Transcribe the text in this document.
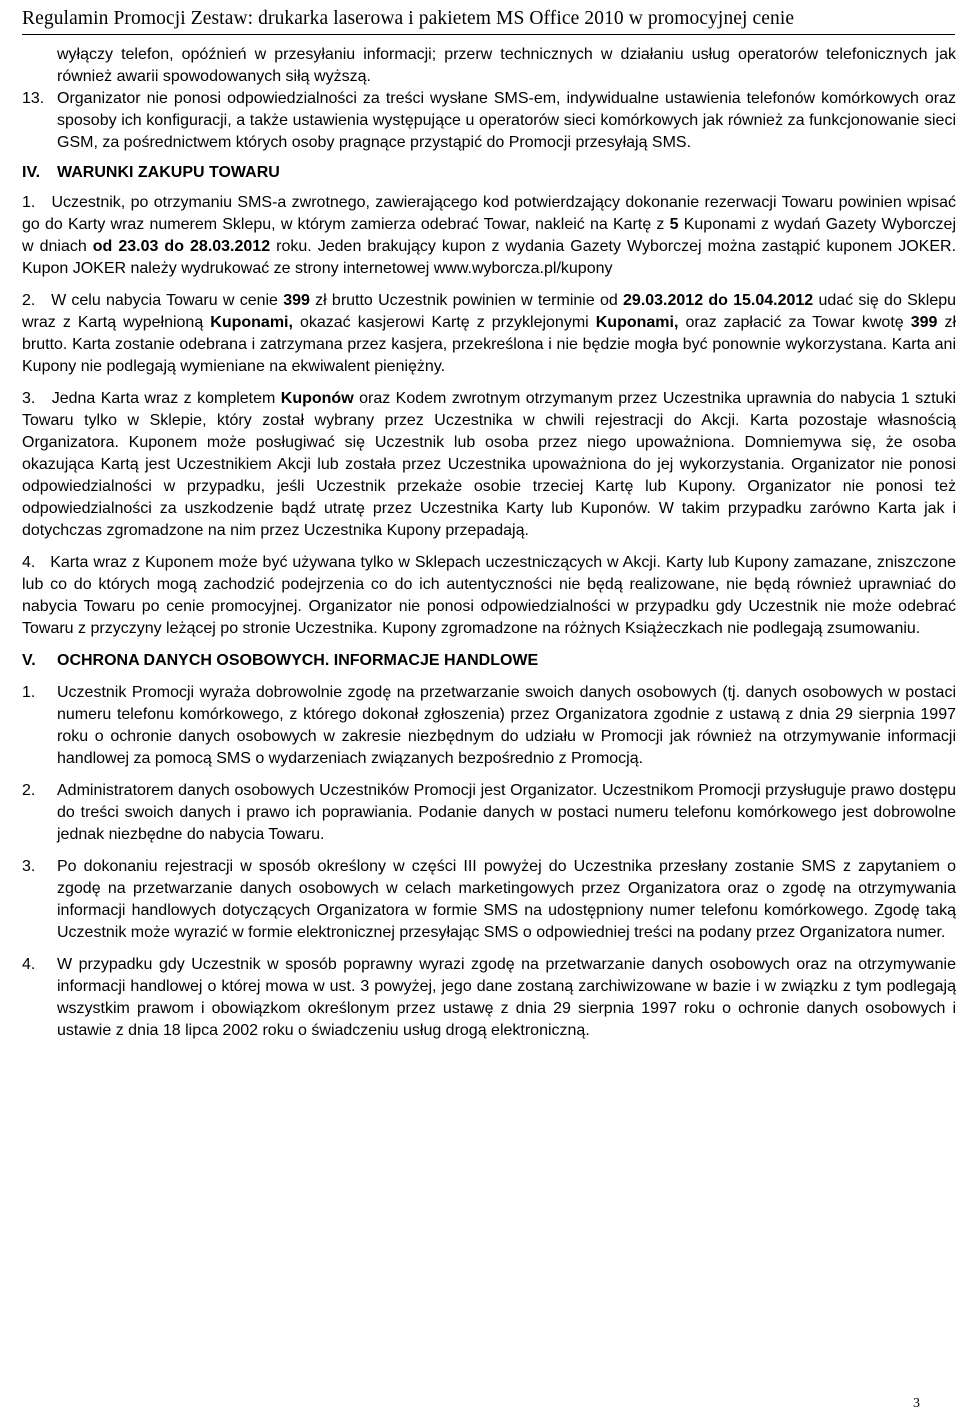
Regulamin Promocji Zestaw: drukarka laserowa i pakietem MS Office 2010 w promocyjnej cenie

wyłączy telefon, opóźnień w przesyłaniu informacji; przerw technicznych w działaniu usług operatorów telefonicznych jak również awarii spowodowanych siłą wyższą.

13. Organizator nie ponosi odpowiedzialności za treści wysłane SMS-em, indywidualne ustawienia telefonów komórkowych oraz sposoby ich konfiguracji, a także ustawienia występujące u operatorów sieci komórkowych jak również za funkcjonowanie sieci GSM, za pośrednictwem których osoby pragnące przystąpić do Promocji przesyłają SMS.

IV. WARUNKI ZAKUPU TOWARU

1. Uczestnik, po otrzymaniu SMS-a zwrotnego, zawierającego kod potwierdzający dokonanie rezerwacji Towaru powinien wpisać go do Karty wraz numerem Sklepu, w którym zamierza odebrać Towar, nakleić na Kartę z 5 Kuponami z wydań Gazety Wyborczej w dniach od 23.03 do 28.03.2012 roku. Jeden brakujący kupon z wydania Gazety Wyborczej można zastąpić kuponem JOKER. Kupon JOKER należy wydrukować ze strony internetowej www.wyborcza.pl/kupony

2. W celu nabycia Towaru w cenie 399 zł brutto Uczestnik powinien w terminie od 29.03.2012 do 15.04.2012 udać się do Sklepu wraz z Kartą wypełnioną Kuponami, okazać kasjerowi Kartę z przyklejonymi Kuponami, oraz zapłacić za Towar kwotę 399 zł brutto. Karta zostanie odebrana i zatrzymana przez kasjera, przekreślona i nie będzie mogła być ponownie wykorzystana. Karta ani Kupony nie podlegają wymieniane na ekwiwalent pieniężny.

3. Jedna Karta wraz z kompletem Kuponów oraz Kodem zwrotnym otrzymanym przez Uczestnika uprawnia do nabycia 1 sztuki Towaru tylko w Sklepie, który został wybrany przez Uczestnika w chwili rejestracji do Akcji. Karta pozostaje własnością Organizatora. Kuponem może posługiwać się Uczestnik lub osoba przez niego upoważniona. Domniemywa się, że osoba okazująca Kartą jest Uczestnikiem Akcji lub została przez Uczestnika upoważniona do jej wykorzystania. Organizator nie ponosi odpowiedzialności w przypadku, jeśli Uczestnik przekaże osobie trzeciej Kartę lub Kupony. Organizator nie ponosi też odpowiedzialności za uszkodzenie bądź utratę przez Uczestnika Karty lub Kuponów. W takim przypadku zarówno Karta jak i dotychczas zgromadzone na nim przez Uczestnika Kupony przepadają.

4. Karta wraz z Kuponem może być używana tylko w Sklepach uczestniczących w Akcji. Karty lub Kupony zamazane, zniszczone lub co do których mogą zachodzić podejrzenia co do ich autentyczności nie będą realizowane, nie będą również uprawniać do nabycia Towaru po cenie promocyjnej. Organizator nie ponosi odpowiedzialności w przypadku gdy Uczestnik nie może odebrać Towaru z przyczyny leżącej po stronie Uczestnika. Kupony zgromadzone na różnych Książeczkach nie podlegają zsumowaniu.

V. OCHRONA DANYCH OSOBOWYCH. INFORMACJE HANDLOWE

1.	Uczestnik Promocji wyraża dobrowolnie zgodę na przetwarzanie swoich danych osobowych (tj. danych osobowych w postaci numeru telefonu komórkowego, z którego dokonał zgłoszenia) przez Organizatora zgodnie z ustawą z dnia 29 sierpnia 1997 roku o ochronie danych osobowych w zakresie niezbędnym do udziału w Promocji jak również na otrzymywanie informacji handlowej za pomocą SMS o wydarzeniach związanych bezpośrednio z Promocją.
2.	Administratorem danych osobowych Uczestników Promocji jest Organizator. Uczestnikom Promocji przysługuje prawo dostępu do treści swoich danych i prawo ich poprawiania. Podanie danych w postaci numeru telefonu komórkowego jest dobrowolne jednak niezbędne do nabycia Towaru.
3.	Po dokonaniu rejestracji w sposób określony w części III powyżej do Uczestnika przesłany zostanie SMS z zapytaniem o zgodę na przetwarzanie danych osobowych w celach marketingowych przez Organizatora oraz o zgodę na otrzymywania informacji handlowych dotyczących Organizatora w formie SMS na udostępniony numer telefonu komórkowego. Zgodę taką Uczestnik może wyrazić w formie elektronicznej przesyłając SMS o odpowiedniej treści na podany przez Organizatora numer.
4.	W przypadku gdy Uczestnik w sposób poprawny wyrazi zgodę na przetwarzanie danych osobowych oraz na otrzymywanie informacji handlowej o której mowa w ust. 3 powyżej, jego dane zostaną zarchiwizowane w bazie i w związku z tym podlegają wszystkim prawom i obowiązkom określonym przez ustawę z dnia 29 sierpnia 1997 roku o ochronie danych osobowych i ustawie z dnia 18 lipca 2002 roku o świadczeniu usług drogą elektroniczną.
3
